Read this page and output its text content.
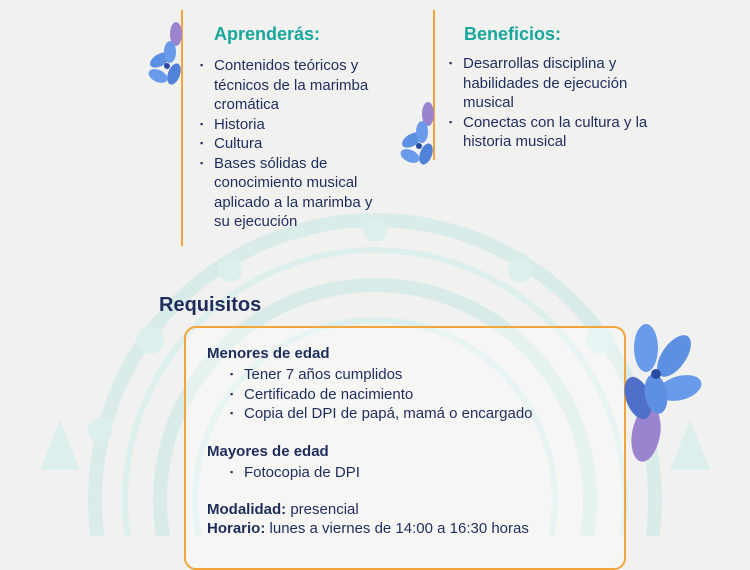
Aprenderás:
▪ Contenidos teóricos y técnicos de la marimba cromática
▪ Historia
▪ Cultura
▪ Bases sólidas de conocimiento musical aplicado a la marimba y su ejecución
Beneficios:
▪ Desarrollas disciplina y habilidades de ejecución musical
▪ Conectas con la cultura y la historia musical
Requisitos
Menores de edad
▪ Tener 7 años cumplidos
▪ Certificado de nacimiento
▪ Copia del DPI de papá, mamá o encargado
Mayores de edad
▪ Fotocopia de DPI

Modalidad: presencial

Horario: lunes a viernes de 14:00 a 16:30 horas
